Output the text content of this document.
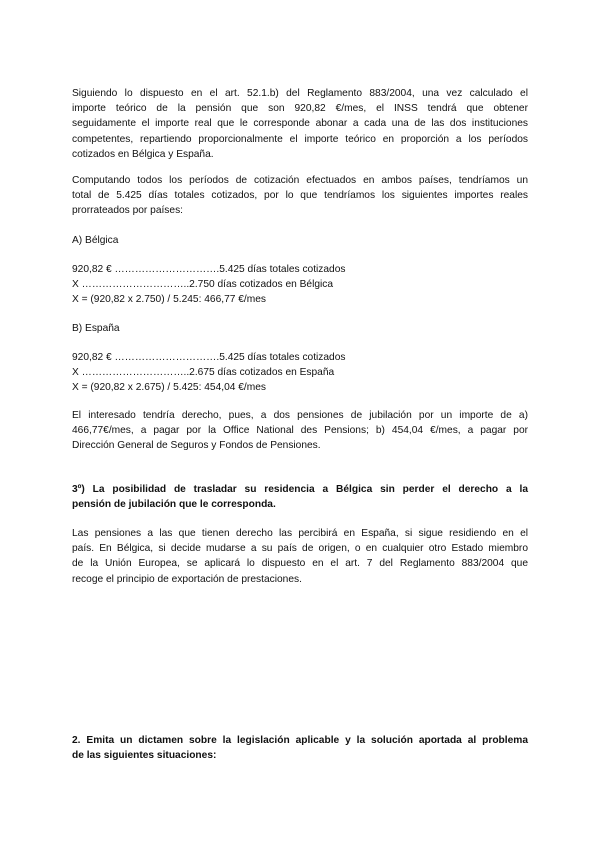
Siguiendo lo dispuesto en el art. 52.1.b) del Reglamento 883/2004, una vez calculado el
importe teórico de la pensión que son 920,82 €/mes, el INSS tendrá que obtener
seguidamente el importe real que le corresponde abonar a cada una de las dos instituciones
competentes, repartiendo proporcionalmente el importe teórico en proporción a los períodos
cotizados en Bélgica y España.
Computando todos los períodos de cotización efectuados en ambos países, tendríamos un
total de 5.425 días totales cotizados, por lo que tendríamos los siguientes importes reales
prorrateados por países:
A) Bélgica
920,82 € ………………………….5.425 días totales cotizados
X …………………………..2.750 días cotizados en Bélgica
X = (920,82 x 2.750) / 5.245: 466,77 €/mes
B) España
920,82 € ………………………….5.425 días totales cotizados
X …………………………..2.675 días cotizados en España
X = (920,82 x 2.675) / 5.425: 454,04 €/mes
El interesado tendría derecho, pues, a dos pensiones de jubilación por un importe de a)
466,77€/mes, a pagar por la Office National des Pensions; b) 454,04 €/mes, a pagar por
Dirección General de Seguros y Fondos de Pensiones.
3º) La posibilidad de trasladar su residencia a Bélgica sin perder el derecho a la
pensión de jubilación que le corresponda.
Las pensiones a las que tienen derecho las percibirá en España, si sigue residiendo en el
país. En Bélgica, si decide mudarse a su país de origen, o en cualquier otro Estado miembro
de la Unión Europea, se aplicará lo dispuesto en el art. 7 del Reglamento 883/2004 que
recoge el principio de exportación de prestaciones.
2. Emita un dictamen sobre la legislación aplicable y la solución aportada al problema
de las siguientes situaciones:
